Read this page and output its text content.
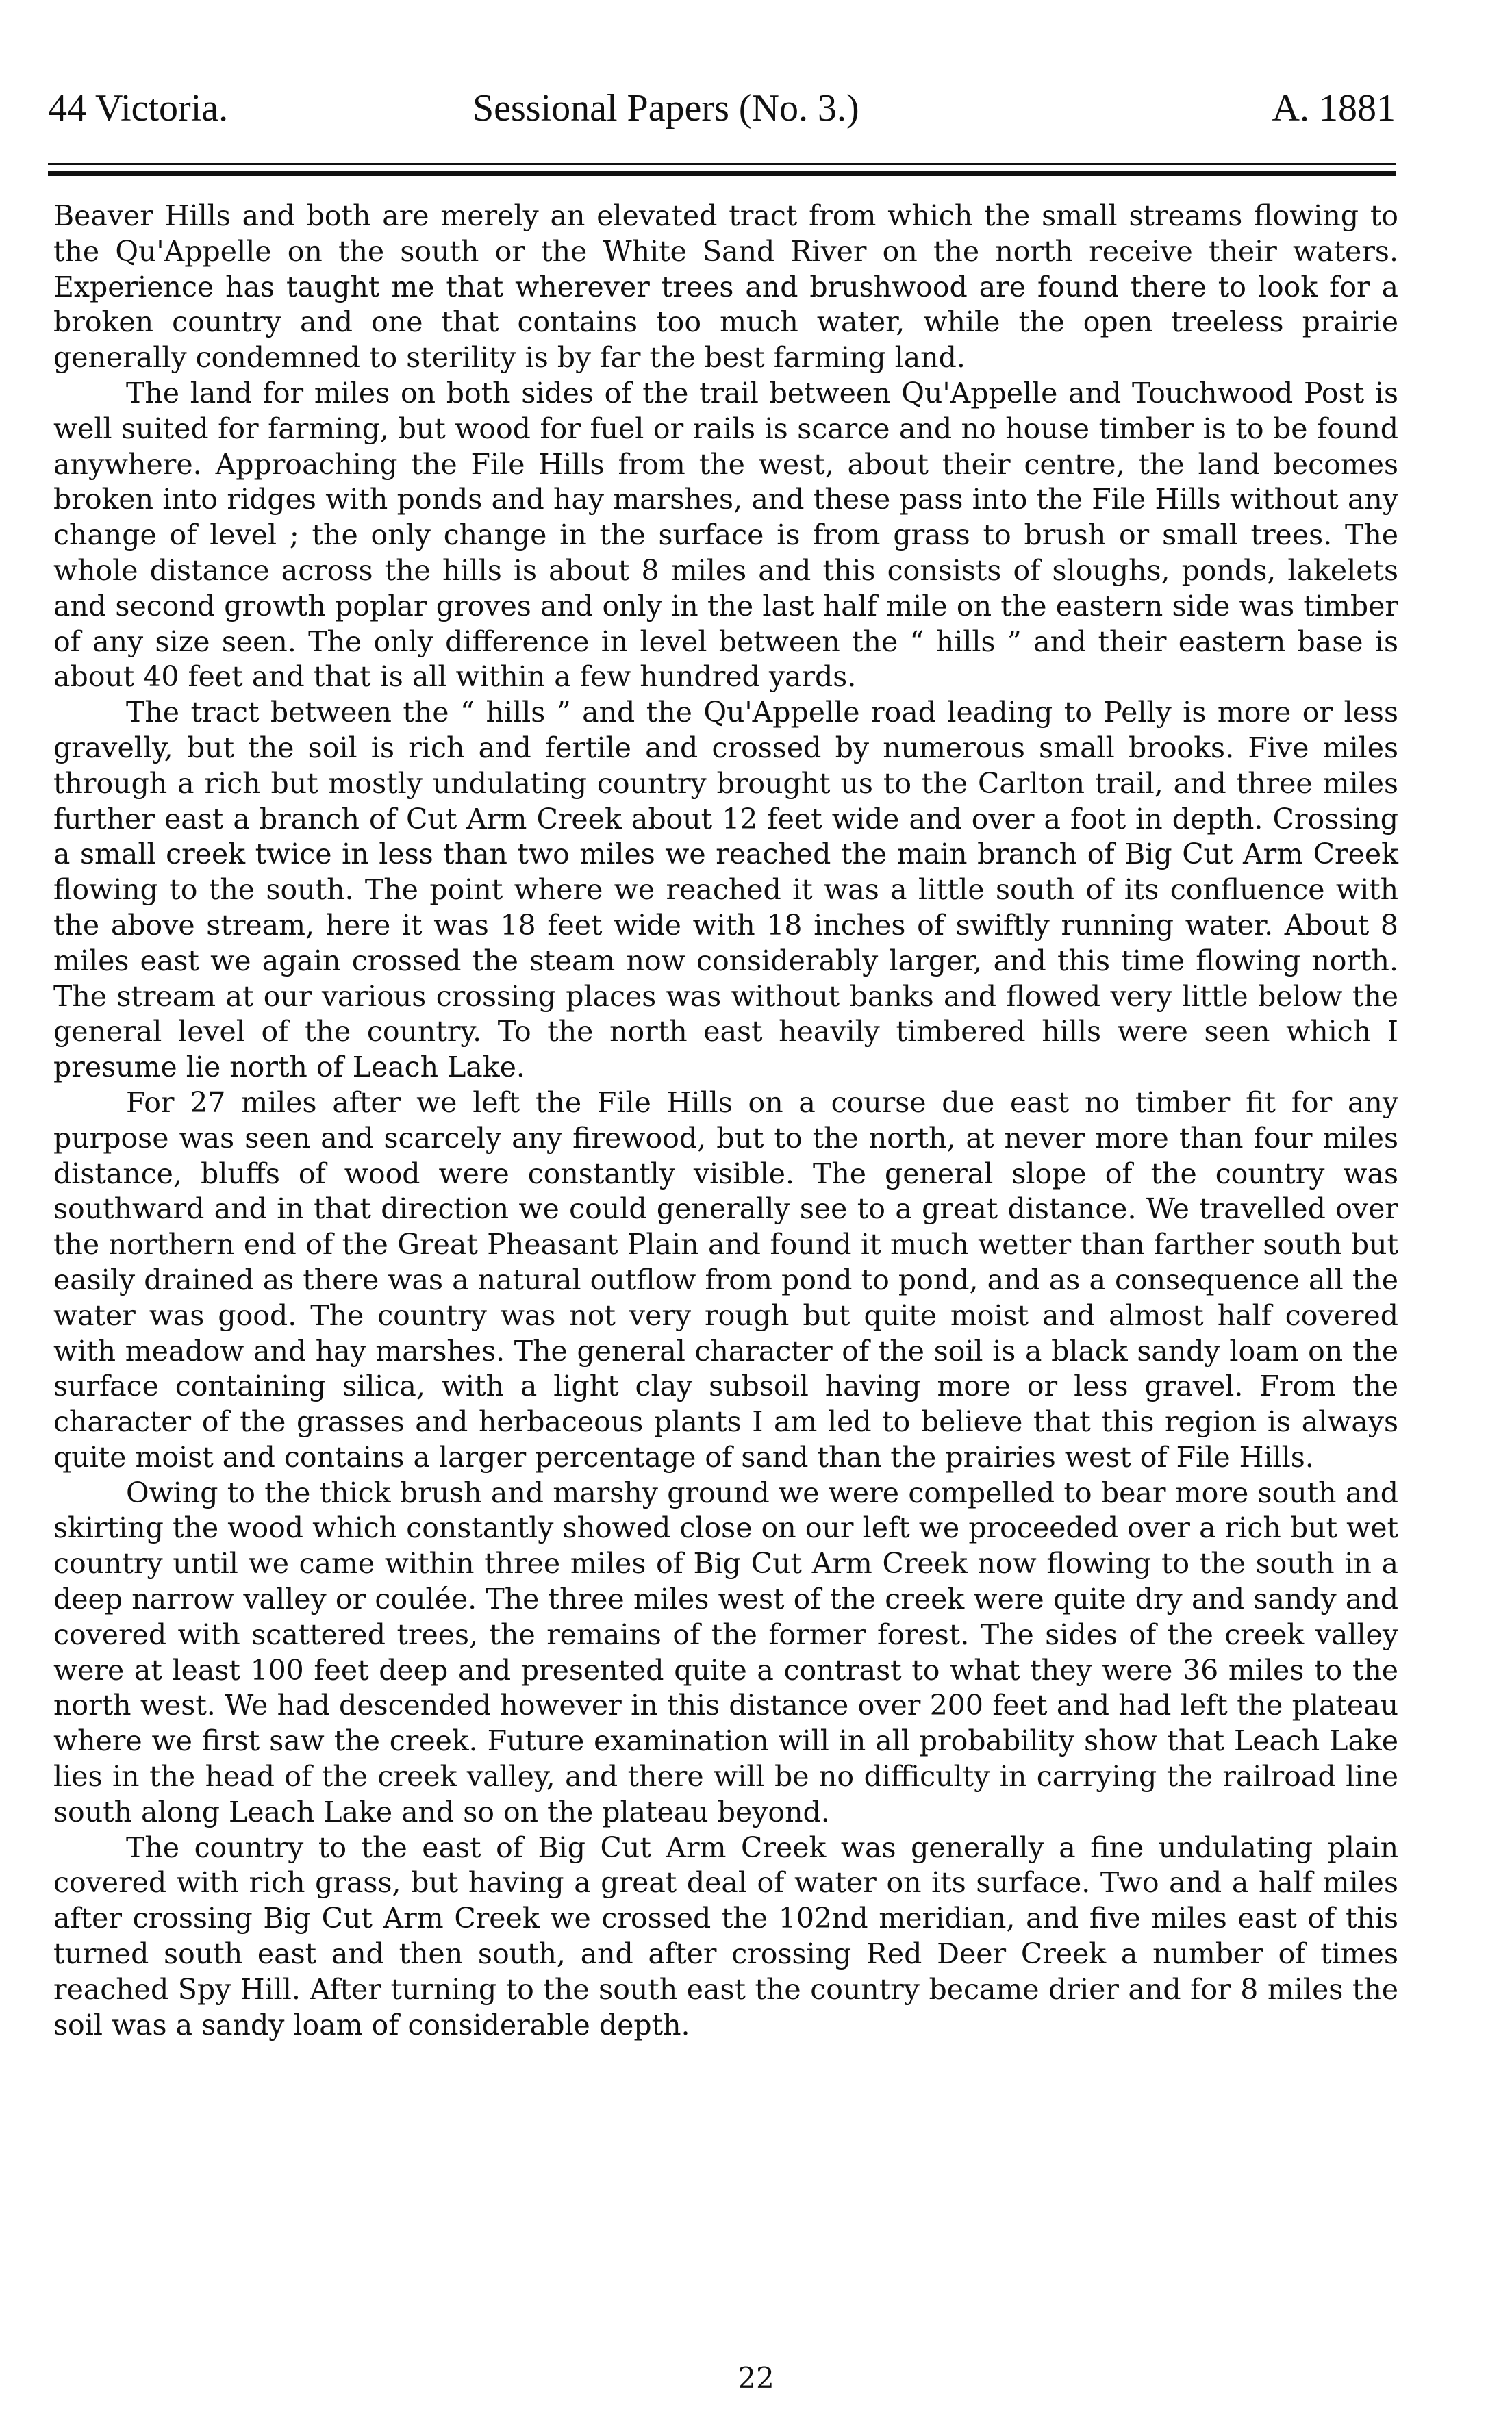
44 Victoria.	Sessional Papers (No. 3.)	A. 1881

Beaver Hills and both are merely an elevated tract from which the small streams flowing to the Qu'Appelle on the south or the White Sand River on the north receive their waters. Experience has taught me that wherever trees and brushwood are found there to look for a broken country and one that contains too much water, while the open treeless prairie generally condemned to sterility is by far the best farming land.

The land for miles on both sides of the trail between Qu'Appelle and Touchwood Post is well suited for farming, but wood for fuel or rails is scarce and no house timber is to be found anywhere. Approaching the File Hills from the west, about their centre, the land becomes broken into ridges with ponds and hay marshes, and these pass into the File Hills without any change of level ; the only change in the surface is from grass to brush or small trees. The whole distance across the hills is about 8 miles and this consists of sloughs, ponds, lakelets and second growth poplar groves and only in the last half mile on the eastern side was timber of any size seen. The only difference in level between the “ hills ” and their eastern base is about 40 feet and that is all within a few hundred yards.

The tract between the “ hills ” and the Qu'Appelle road leading to Pelly is more or less gravelly, but the soil is rich and fertile and crossed by numerous small brooks. Five miles through a rich but mostly undulating country brought us to the Carlton trail, and three miles further east a branch of Cut Arm Creek about 12 feet wide and over a foot in depth. Crossing a small creek twice in less than two miles we reached the main branch of Big Cut Arm Creek flowing to the south. The point where we reached it was a little south of its confluence with the above stream, here it was 18 feet wide with 18 inches of swiftly running water. About 8 miles east we again crossed the steam now considerably larger, and this time flowing north. The stream at our various crossing places was without banks and flowed very little below the general level of the country. To the north east heavily timbered hills were seen which I presume lie north of Leach Lake.

For 27 miles after we left the File Hills on a course due east no timber fit for any purpose was seen and scarcely any firewood, but to the north, at never more than four miles distance, bluffs of wood were constantly visible. The general slope of the country was southward and in that direction we could generally see to a great distance. We travelled over the northern end of the Great Pheasant Plain and found it much wetter than farther south but easily drained as there was a natural outflow from pond to pond, and as a consequence all the water was good. The country was not very rough but quite moist and almost half covered with meadow and hay marshes. The general character of the soil is a black sandy loam on the surface containing silica, with a light clay subsoil having more or less gravel. From the character of the grasses and herbaceous plants I am led to believe that this region is always quite moist and contains a larger percentage of sand than the prairies west of File Hills.

Owing to the thick brush and marshy ground we were compelled to bear more south and skirting the wood which constantly showed close on our left we proceeded over a rich but wet country until we came within three miles of Big Cut Arm Creek now flowing to the south in a deep narrow valley or coulée. The three miles west of the creek were quite dry and sandy and covered with scattered trees, the remains of the former forest. The sides of the creek valley were at least 100 feet deep and presented quite a contrast to what they were 36 miles to the north west. We had descended however in this distance over 200 feet and had left the plateau where we first saw the creek. Future examination will in all probability show that Leach Lake lies in the head of the creek valley, and there will be no difficulty in carrying the railroad line south along Leach Lake and so on the plateau beyond.

The country to the east of Big Cut Arm Creek was generally a fine undulating plain covered with rich grass, but having a great deal of water on its surface. Two and a half miles after crossing Big Cut Arm Creek we crossed the 102nd meridian, and five miles east of this turned south east and then south, and after crossing Red Deer Creek a number of times reached Spy Hill. After turning to the south east the country became drier and for 8 miles the soil was a sandy loam of considerable depth.

22
